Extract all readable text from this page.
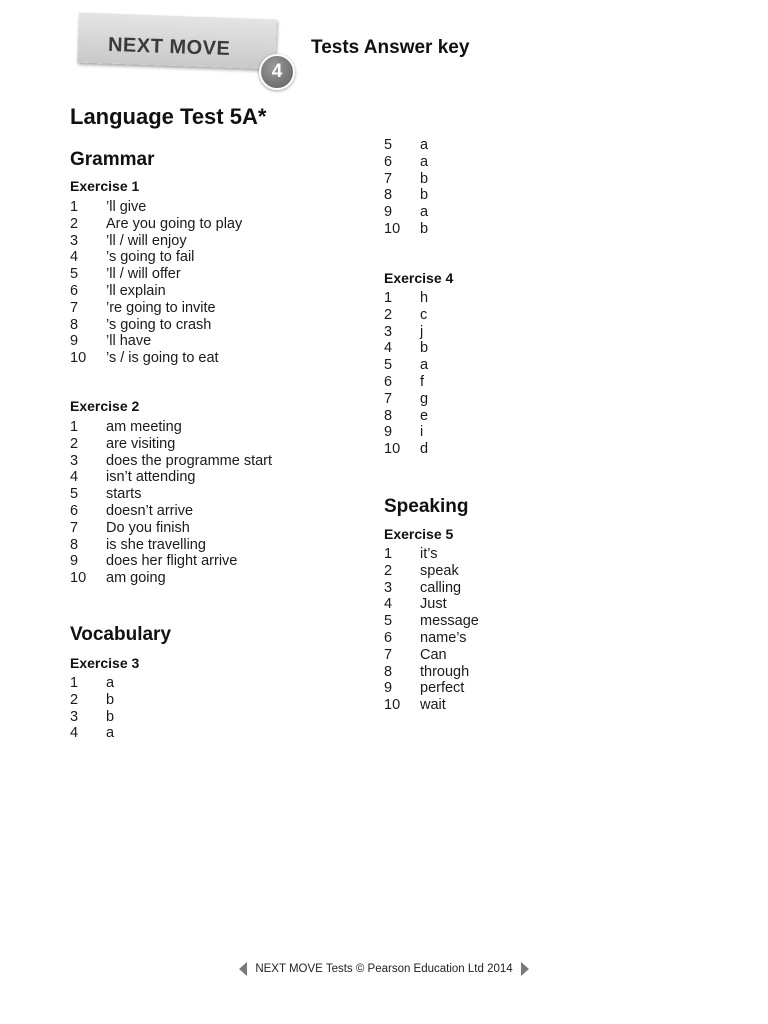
NEXT MOVE
4
Tests Answer key
Language Test 5A*
Grammar
Exercise 1
1 ’ll give
2 Are you going to play
3 ’ll / will enjoy
4 ’s going to fail
5 ’ll / will offer
6 ’ll explain
7 ’re going to invite
8 ’s going to crash
9 ’ll have
10 ’s / is going to eat
Exercise 2
1 am meeting
2 are visiting
3 does the programme start
4 isn’t attending
5 starts
6 doesn’t arrive
7 Do you finish
8 is she travelling
9 does her flight arrive
10 am going
Vocabulary
Exercise 3
1 a
2 b
3 b
4 a
5 a
6 a
7 b
8 b
9 a
10 b
Exercise 4
1 h
2 c
3 j
4 b
5 a
6 f
7 g
8 e
9 i
10 d
Speaking
Exercise 5
1 it’s
2 speak
3 calling
4 Just
5 message
6 name’s
7 Can
8 through
9 perfect
10 wait
NEXT MOVE Tests © Pearson Education Ltd 2014
